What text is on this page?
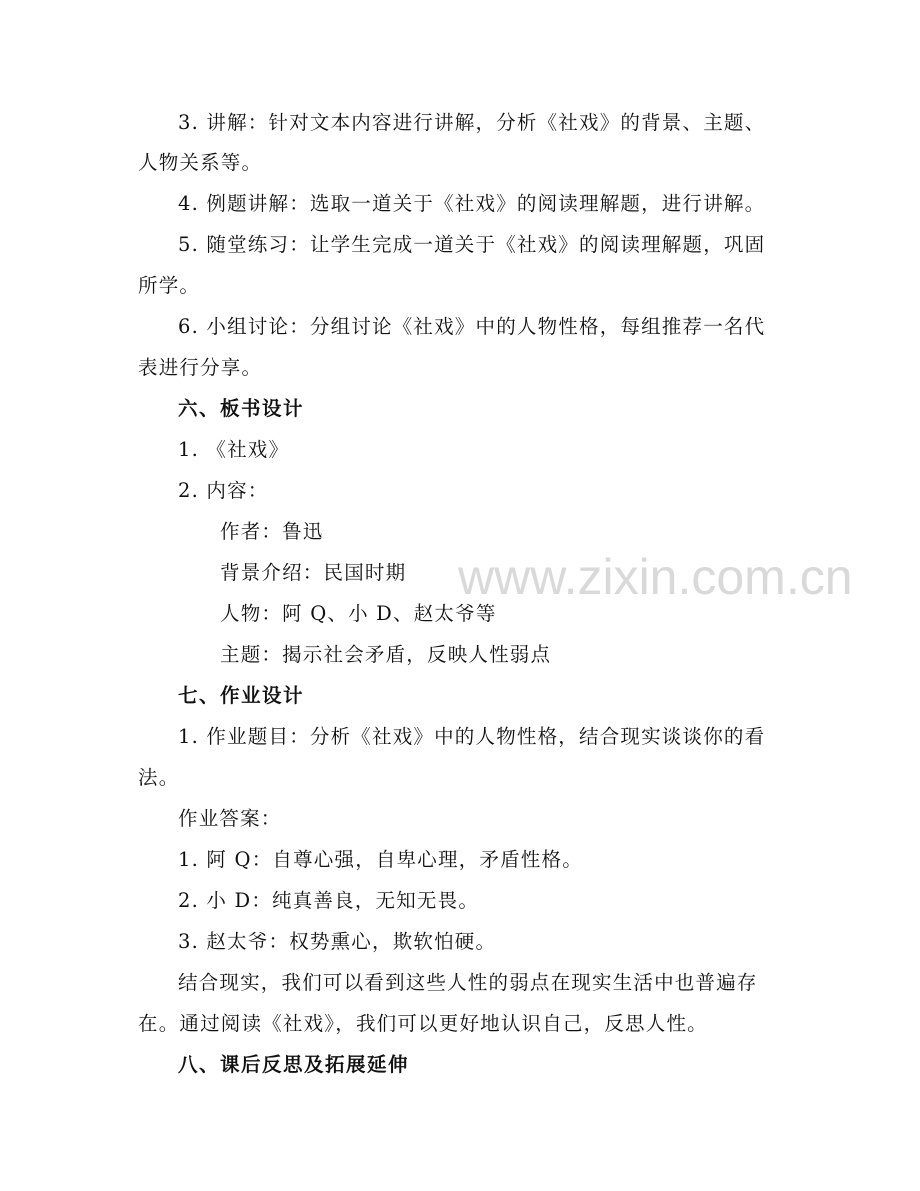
www.zixin.com.cn
3. 讲解：针对文本内容进行讲解，分析《社戏》的背景、主题、
人物关系等。
4. 例题讲解：选取一道关于《社戏》的阅读理解题，进行讲解。
5. 随堂练习：让学生完成一道关于《社戏》的阅读理解题，巩固
所学。
6. 小组讨论：分组讨论《社戏》中的人物性格，每组推荐一名代
表进行分享。
六、板书设计
1. 《社戏》
2. 内容：
作者：鲁迅
背景介绍：民国时期
人物：阿 Q、小 D、赵太爷等
主题：揭示社会矛盾，反映人性弱点
七、作业设计
1. 作业题目：分析《社戏》中的人物性格，结合现实谈谈你的看
法。
作业答案：
1. 阿 Q：自尊心强，自卑心理，矛盾性格。
2. 小 D：纯真善良，无知无畏。
3. 赵太爷：权势熏心，欺软怕硬。
结合现实，我们可以看到这些人性的弱点在现实生活中也普遍存
在。通过阅读《社戏》，我们可以更好地认识自己，反思人性。
八、课后反思及拓展延伸
